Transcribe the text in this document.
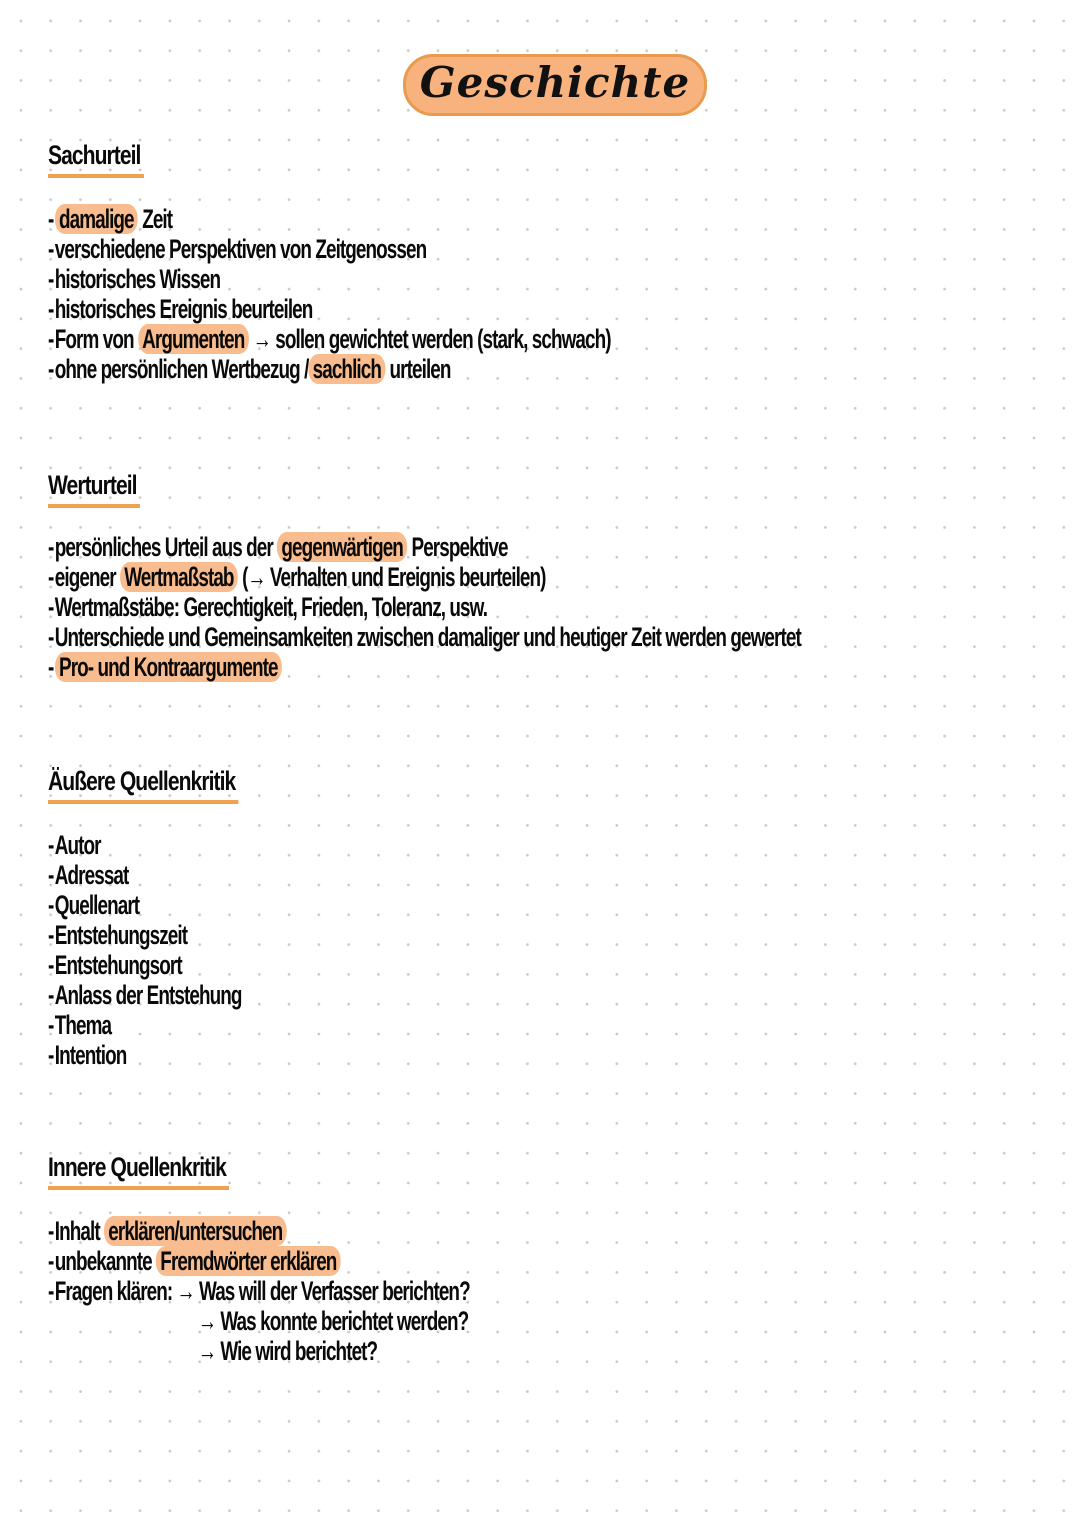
Geschichte
Sachurteil
- damalige Zeit
-verschiedene Perspektiven von Zeitgenossen
-historisches Wissen
-historisches Ereignis beurteilen
-Form von Argumenten → sollen gewichtet werden (stark, schwach)
-ohne persönlichen Wertbezug / sachlich urteilen
Werturteil
-persönliches Urteil aus der gegenwärtigen Perspektive
-eigener Wertmaßstab (→ Verhalten und Ereignis beurteilen)
-Wertmaßstäbe: Gerechtigkeit, Frieden, Toleranz, usw.
-Unterschiede und Gemeinsamkeiten zwischen damaliger und heutiger Zeit werden gewertet
- Pro- und Kontraargumente
Äußere Quellenkritik
-Autor
-Adressat
-Quellenart
-Entstehungszeit
-Entstehungsort
-Anlass der Entstehung
-Thema
-Intention
Innere Quellenkritik
-Inhalt erklären/untersuchen
-unbekannte Fremdwörter erklären
-Fragen klären: → Was will der Verfasser berichten?
→ Was konnte berichtet werden?
→ Wie wird berichtet?
